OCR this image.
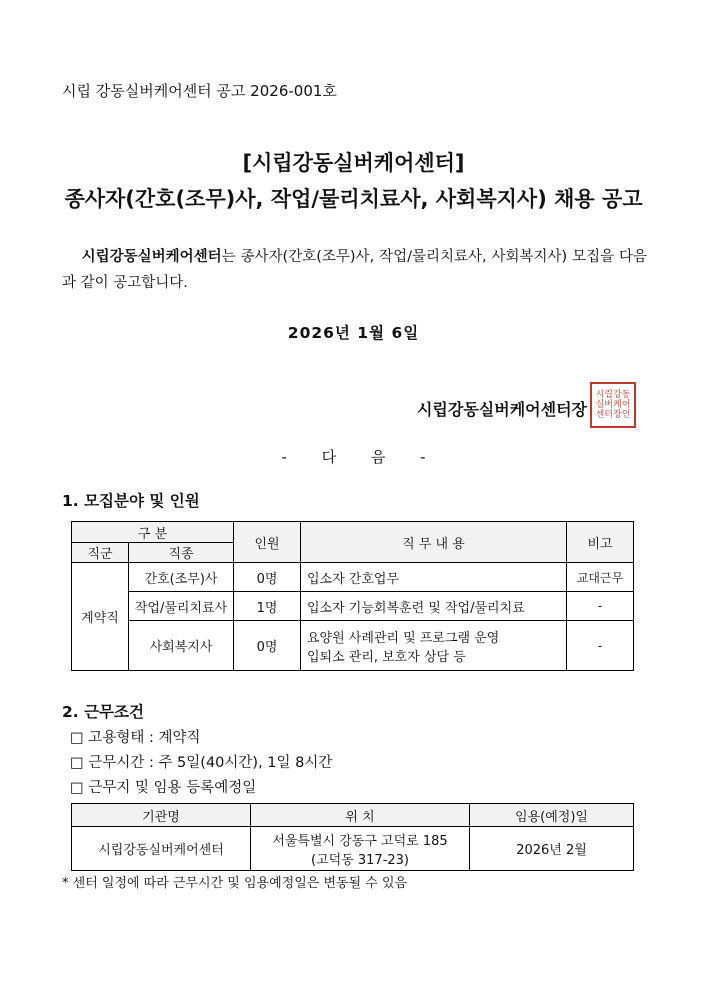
시립 강동실버케어센터 공고 2026-001호
[시립강동실버케어센터]
종사자(간호(조무)사, 작업/물리치료사, 사회복지사) 채용 공고
시립강동실버케어센터는 종사자(간호(조무)사, 작업/물리치료사, 사회복지사) 모집을 다음과 같이 공고합니다.
2026년 1월 6일
시립강동실버케어센터장
시립강동
실버케어
센터장인
- 다 음 -
1. 모집분야 및 인원
구 분		인원	직 무 내 용	비고
직군	직종			
계약직	간호(조무)사	0명	입소자 간호업무	교대근무
	작업/물리치료사	1명	입소자 기능회복훈련 및 작업/물리치료	-
	사회복지사	0명	요양원 사례관리 및 프로그램 운영
입퇴소 관리, 보호자 상담 등	-
2. 근무조건
□ 고용형태 : 계약직
□ 근무시간 : 주 5일(40시간), 1일 8시간
□ 근무지 및 임용 등록예정일
기관명	위 치	임용(예정)일
시립강동실버케어센터	서울특별시 강동구 고덕로 185
(고덕동 317-23)	2026년 2월
* 센터 일정에 따라 근무시간 및 임용예정일은 변동될 수 있음
